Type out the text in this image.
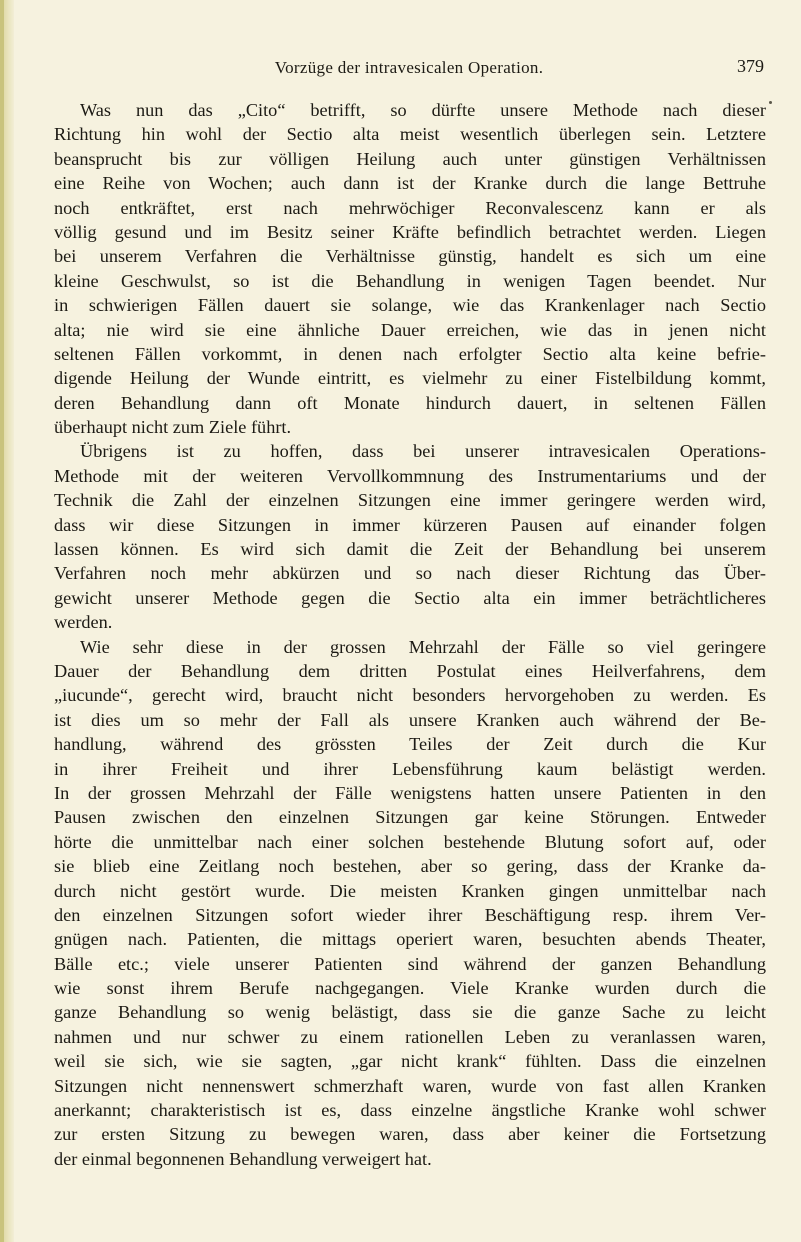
Vorzüge der intravesicalen Operation.	379
Was nun das „Cito“ betrifft, so dürfte unsere Methode nach dieser
Richtung hin wohl der Sectio alta meist wesentlich überlegen sein. Letztere
beansprucht bis zur völligen Heilung auch unter günstigen Verhältnissen
eine Reihe von Wochen; auch dann ist der Kranke durch die lange Bettruhe
noch entkräftet, erst nach mehrwöchiger Reconvalescenz kann er als
völlig gesund und im Besitz seiner Kräfte befindlich betrachtet werden. Liegen
bei unserem Verfahren die Verhältnisse günstig, handelt es sich um eine
kleine Geschwulst, so ist die Behandlung in wenigen Tagen beendet. Nur
in schwierigen Fällen dauert sie solange, wie das Krankenlager nach Sectio
alta; nie wird sie eine ähnliche Dauer erreichen, wie das in jenen nicht
seltenen Fällen vorkommt, in denen nach erfolgter Sectio alta keine befrie-
digende Heilung der Wunde eintritt, es vielmehr zu einer Fistelbildung kommt,
deren Behandlung dann oft Monate hindurch dauert, in seltenen Fällen
überhaupt nicht zum Ziele führt.
Übrigens ist zu hoffen, dass bei unserer intravesicalen Operations-
Methode mit der weiteren Vervollkommnung des Instrumentariums und der
Technik die Zahl der einzelnen Sitzungen eine immer geringere werden wird,
dass wir diese Sitzungen in immer kürzeren Pausen auf einander folgen
lassen können. Es wird sich damit die Zeit der Behandlung bei unserem
Verfahren noch mehr abkürzen und so nach dieser Richtung das Über-
gewicht unserer Methode gegen die Sectio alta ein immer beträchtlicheres
werden.
Wie sehr diese in der grossen Mehrzahl der Fälle so viel geringere
Dauer der Behandlung dem dritten Postulat eines Heilverfahrens, dem
„iucunde“, gerecht wird, braucht nicht besonders hervorgehoben zu werden. Es
ist dies um so mehr der Fall als unsere Kranken auch während der Be-
handlung, während des grössten Teiles der Zeit durch die Kur
in ihrer Freiheit und ihrer Lebensführung kaum belästigt werden.
In der grossen Mehrzahl der Fälle wenigstens hatten unsere Patienten in den
Pausen zwischen den einzelnen Sitzungen gar keine Störungen. Entweder
hörte die unmittelbar nach einer solchen bestehende Blutung sofort auf, oder
sie blieb eine Zeitlang noch bestehen, aber so gering, dass der Kranke da-
durch nicht gestört wurde. Die meisten Kranken gingen unmittelbar nach
den einzelnen Sitzungen sofort wieder ihrer Beschäftigung resp. ihrem Ver-
gnügen nach. Patienten, die mittags operiert waren, besuchten abends Theater,
Bälle etc.; viele unserer Patienten sind während der ganzen Behandlung
wie sonst ihrem Berufe nachgegangen. Viele Kranke wurden durch die
ganze Behandlung so wenig belästigt, dass sie die ganze Sache zu leicht
nahmen und nur schwer zu einem rationellen Leben zu veranlassen waren,
weil sie sich, wie sie sagten, „gar nicht krank“ fühlten. Dass die einzelnen
Sitzungen nicht nennenswert schmerzhaft waren, wurde von fast allen Kranken
anerkannt; charakteristisch ist es, dass einzelne ängstliche Kranke wohl schwer
zur ersten Sitzung zu bewegen waren, dass aber keiner die Fortsetzung
der einmal begonnenen Behandlung verweigert hat.
